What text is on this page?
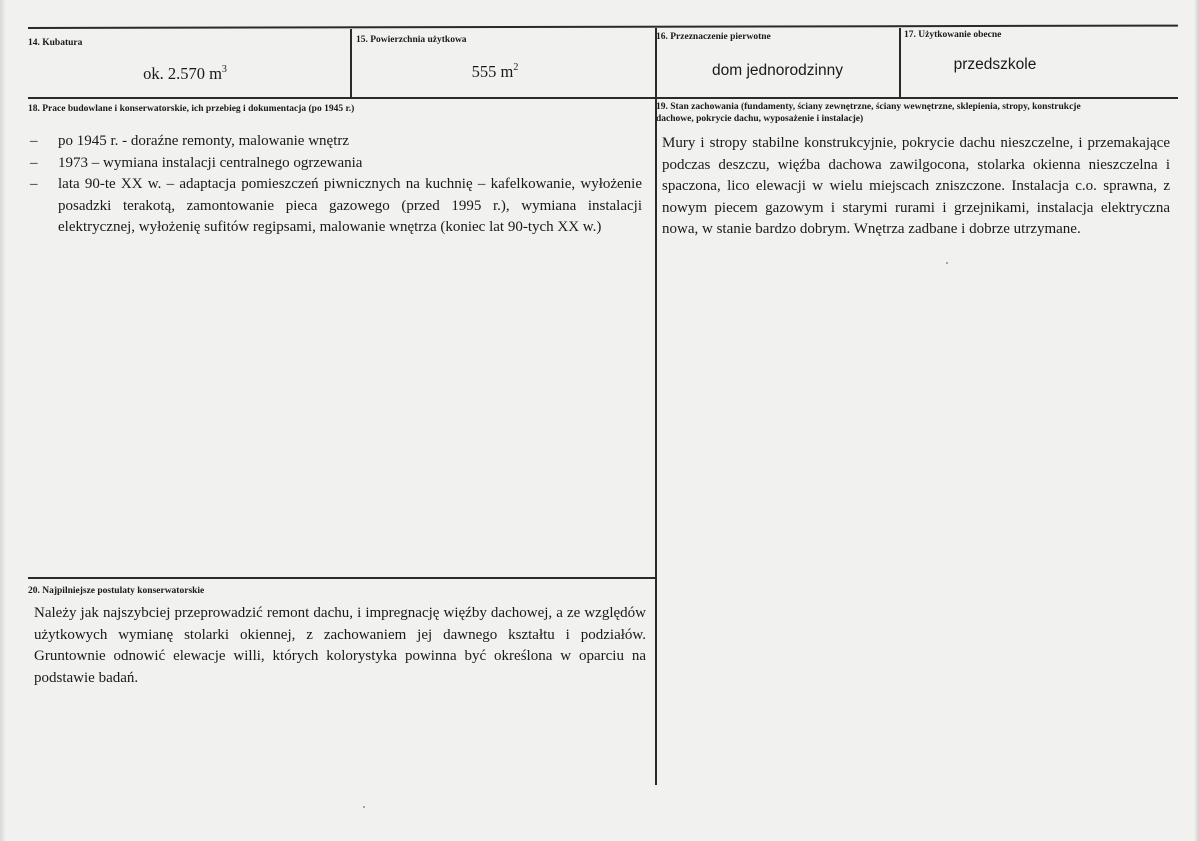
14. Kubatura
ok. 2.570 $m^3$
15. Powierzchnia użytkowa
555 $m^2$
16. Przeznaczenie pierwotne
dom jednorodzinny
17. Użytkowanie obecne
przedszkole
18. Prace budowlane i konserwatorskie, ich przebieg i dokumentacja (po 1945 r.)
– po 1945 r. - doraźne remonty, malowanie wnętrz
– 1973 – wymiana instalacji centralnego ogrzewania
– lata 90-te XX w. – adaptacja pomieszczeń piwnicznych na kuchnię – kafelkowanie, wyłożenie posadzki terakotą, zamontowanie pieca gazowego (przed 1995 r.), wymiana instalacji elektrycznej, wyłożenię sufitów regipsami, malowanie wnętrza (koniec lat 90-tych XX w.)
19. Stan zachowania (fundamenty, ściany zewnętrzne, ściany wewnętrzne, sklepienia, stropy, konstrukcje
dachowe, pokrycie dachu, wyposażenie i instalacje)
Mury i stropy stabilne konstrukcyjnie, pokrycie dachu nieszczelne, i przemakające podczas deszczu, więźba dachowa zawilgocona, stolarka okienna nieszczelna i spaczona, lico elewacji w wielu miejscach zniszczone. Instalacja c.o. sprawna, z nowym piecem gazowym i starymi rurami i grzejnikami, instalacja elektryczna nowa, w stanie bardzo dobrym. Wnętrza zadbane i dobrze utrzymane.
20. Najpilniejsze postulaty konserwatorskie
Należy jak najszybciej przeprowadzić remont dachu, i impregnację więźby dachowej, a ze względów użytkowych wymianę stolarki okiennej, z zachowaniem jej dawnego kształtu i podziałów. Gruntownie odnowić elewacje willi, których kolorystyka powinna być określona w oparciu na podstawie badań.
